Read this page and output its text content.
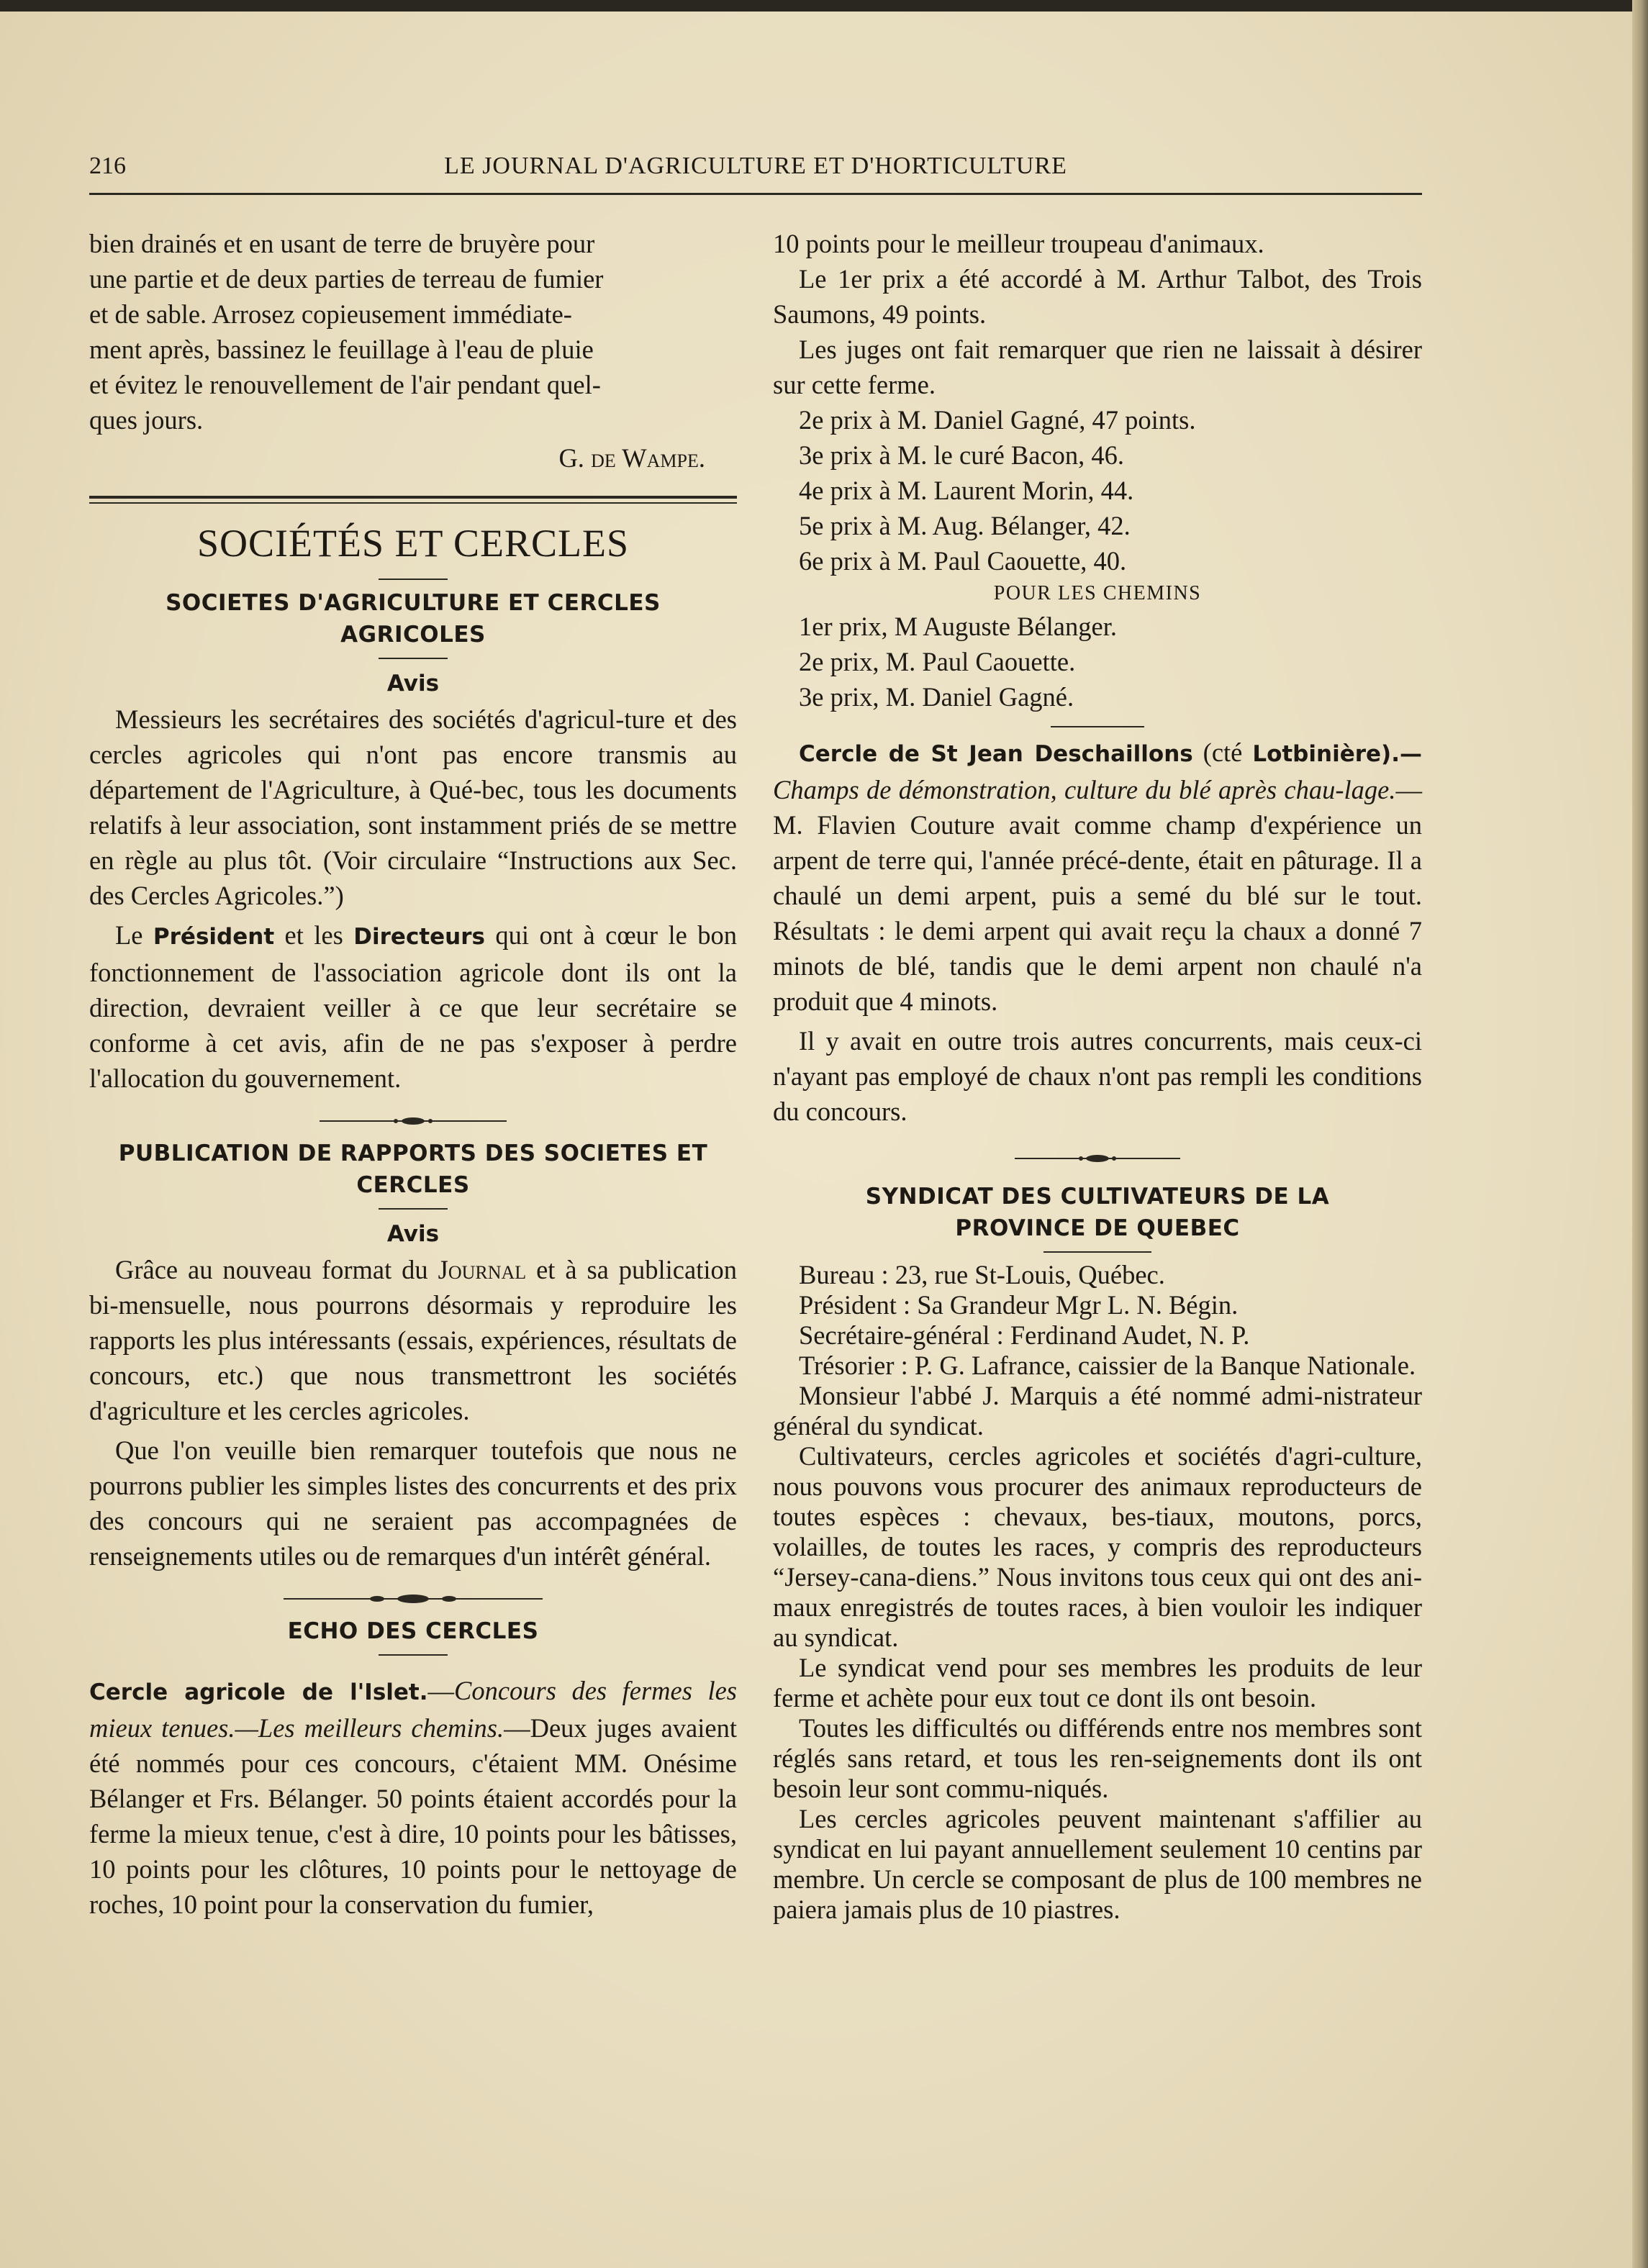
216	LE JOURNAL D'AGRICULTURE ET D'HORTICULTURE

bien drainés et en usant de terre de bruyère pour

une partie et de deux parties de terreau de fumier

et de sable. Arrosez copieusement immédiate-

ment après, bassinez le feuillage à l'eau de pluie

et évitez le renouvellement de l'air pendant quel-

ques jours.

G. de Wampe.

SOCIÉTÉS ET CERCLES

SOCIETES D'AGRICULTURE ET CERCLES AGRICOLES

Avis

Messieurs les secrétaires des sociétés d'agricul-ture et des cercles agricoles qui n'ont pas encore transmis au département de l'Agriculture, à Qué-bec, tous les documents relatifs à leur association, sont instamment priés de se mettre en règle au plus tôt. (Voir circulaire “Instructions aux Sec. des Cercles Agricoles.”)

Le Président et les Directeurs qui ont à cœur le bon fonctionnement de l'association agricole dont ils ont la direction, devraient veiller à ce que leur secrétaire se conforme à cet avis, afin de ne pas s'exposer à perdre l'allocation du gouvernement.

PUBLICATION DE RAPPORTS DES SOCIETES ET CERCLES

Avis

Grâce au nouveau format du Journal et à sa publication bi-mensuelle, nous pourrons désormais y reproduire les rapports les plus intéressants (essais, expériences, résultats de concours, etc.) que nous transmettront les sociétés d'agriculture et les cercles agricoles.

Que l'on veuille bien remarquer toutefois que nous ne pourrons publier les simples listes des concurrents et des prix des concours qui ne seraient pas accompagnées de renseignements utiles ou de remarques d'un intérêt général.

ECHO DES CERCLES

Cercle agricole de l'Islet.—Concours des fermes les mieux tenues.—Les meilleurs chemins.—Deux juges avaient été nommés pour ces concours, c'étaient MM. Onésime Bélanger et Frs. Bélanger. 50 points étaient accordés pour la ferme la mieux tenue, c'est à dire, 10 points pour les bâtisses, 10 points pour les clôtures, 10 points pour le nettoyage de roches, 10 point pour la conservation du fumier,

10 points pour le meilleur troupeau d'animaux.

Le 1er prix a été accordé à M. Arthur Talbot, des Trois Saumons, 49 points.

Les juges ont fait remarquer que rien ne laissait à désirer sur cette ferme.

2e prix à M. Daniel Gagné, 47 points.

3e prix à M. le curé Bacon, 46.

4e prix à M. Laurent Morin, 44.

5e prix à M. Aug. Bélanger, 42.

6e prix à M. Paul Caouette, 40.

POUR LES CHEMINS

1er prix, M Auguste Bélanger.

2e prix, M. Paul Caouette.

3e prix, M. Daniel Gagné.

Cercle de St Jean Deschaillons (cté Lotbinière).—Champs de démonstration, culture du blé après chau-lage.—M. Flavien Couture avait comme champ d'expérience un arpent de terre qui, l'année précé-dente, était en pâturage. Il a chaulé un demi arpent, puis a semé du blé sur le tout. Résultats : le demi arpent qui avait reçu la chaux a donné 7 minots de blé, tandis que le demi arpent non chaulé n'a produit que 4 minots.

Il y avait en outre trois autres concurrents, mais ceux-ci n'ayant pas employé de chaux n'ont pas rempli les conditions du concours.

SYNDICAT DES CULTIVATEURS DE LA PROVINCE DE QUEBEC

Bureau : 23, rue St-Louis, Québec.

Président : Sa Grandeur Mgr L. N. Bégin.

Secrétaire-général : Ferdinand Audet, N. P.

Trésorier : P. G. Lafrance, caissier de la Banque Nationale.

Monsieur l'abbé J. Marquis a été nommé admi-nistrateur général du syndicat.

Cultivateurs, cercles agricoles et sociétés d'agri-culture, nous pouvons vous procurer des animaux reproducteurs de toutes espèces : chevaux, bes-tiaux, moutons, porcs, volailles, de toutes les races, y compris des reproducteurs “Jersey-cana-diens.” Nous invitons tous ceux qui ont des ani-maux enregistrés de toutes races, à bien vouloir les indiquer au syndicat.

Le syndicat vend pour ses membres les produits de leur ferme et achète pour eux tout ce dont ils ont besoin.

Toutes les difficultés ou différends entre nos membres sont réglés sans retard, et tous les ren-seignements dont ils ont besoin leur sont commu-niqués.

Les cercles agricoles peuvent maintenant s'affilier au syndicat en lui payant annuellement seulement 10 centins par membre. Un cercle se composant de plus de 100 membres ne paiera jamais plus de 10 piastres.
